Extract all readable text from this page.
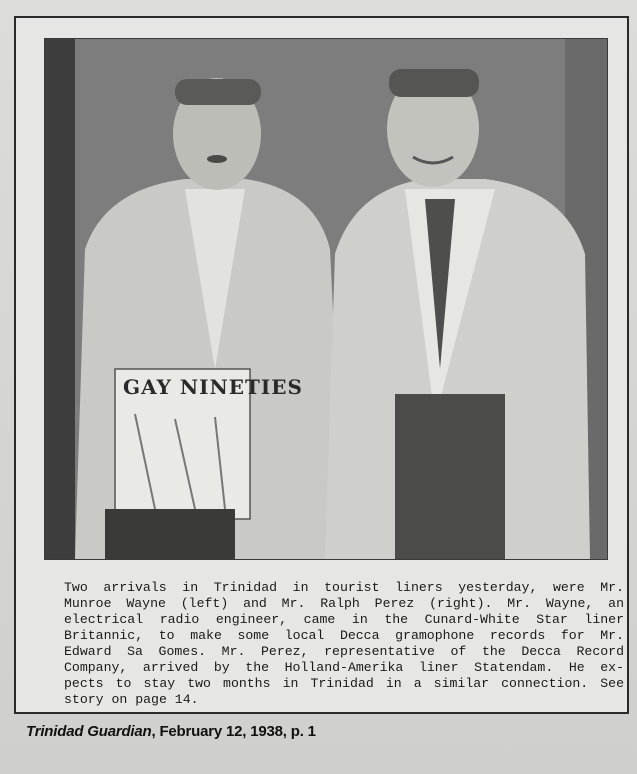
GAY NINETIES
Two arrivals in Trinidad in tourist liners yesterday, were Mr.
Munroe Wayne (left) and Mr. Ralph Perez (right). Mr. Wayne, an
electrical radio engineer, came in the Cunard-White Star liner
Britannic, to make some local Decca gramophone records for Mr.
Edward Sa Gomes. Mr. Perez, representative of the Decca Record
Company, arrived by the Holland-Amerika liner Statendam. He ex-
pects to stay two months in Trinidad in a similar connection. See
story on page 14.
Trinidad Guardian, February 12, 1938, p. 1
